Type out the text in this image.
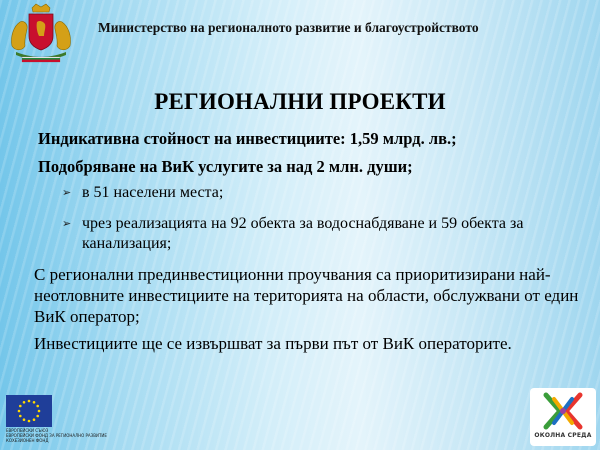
Министерство на регионалното развитие и благоустройството
РЕГИОНАЛНИ ПРОЕКТИ
Индикативна стойност на инвестициите: 1,59 млрд. лв.;
Подобряване на ВиК услугите за над 2 млн. души;
➢ в 51 населени места;
➢ чрез реализацията на 92 обекта за водоснабдяване и 59 обекта за канализация;

С регионални прединвестиционни проучвания са приоритизирани най-неотловните инвестициите на територията на области, обслужвани от един ВиК оператор;

Инвестициите ще се извършват за първи път от ВиК операторите.

ЕВРОПЕЙСКИ СЪЮЗ
ЕВРОПЕЙСКИ ФОНД ЗА РЕГИОНАЛНО РАЗВИТИЕ
КОХЕЗИОНЕН ФОНД
ОКОЛНА СРЕДА
